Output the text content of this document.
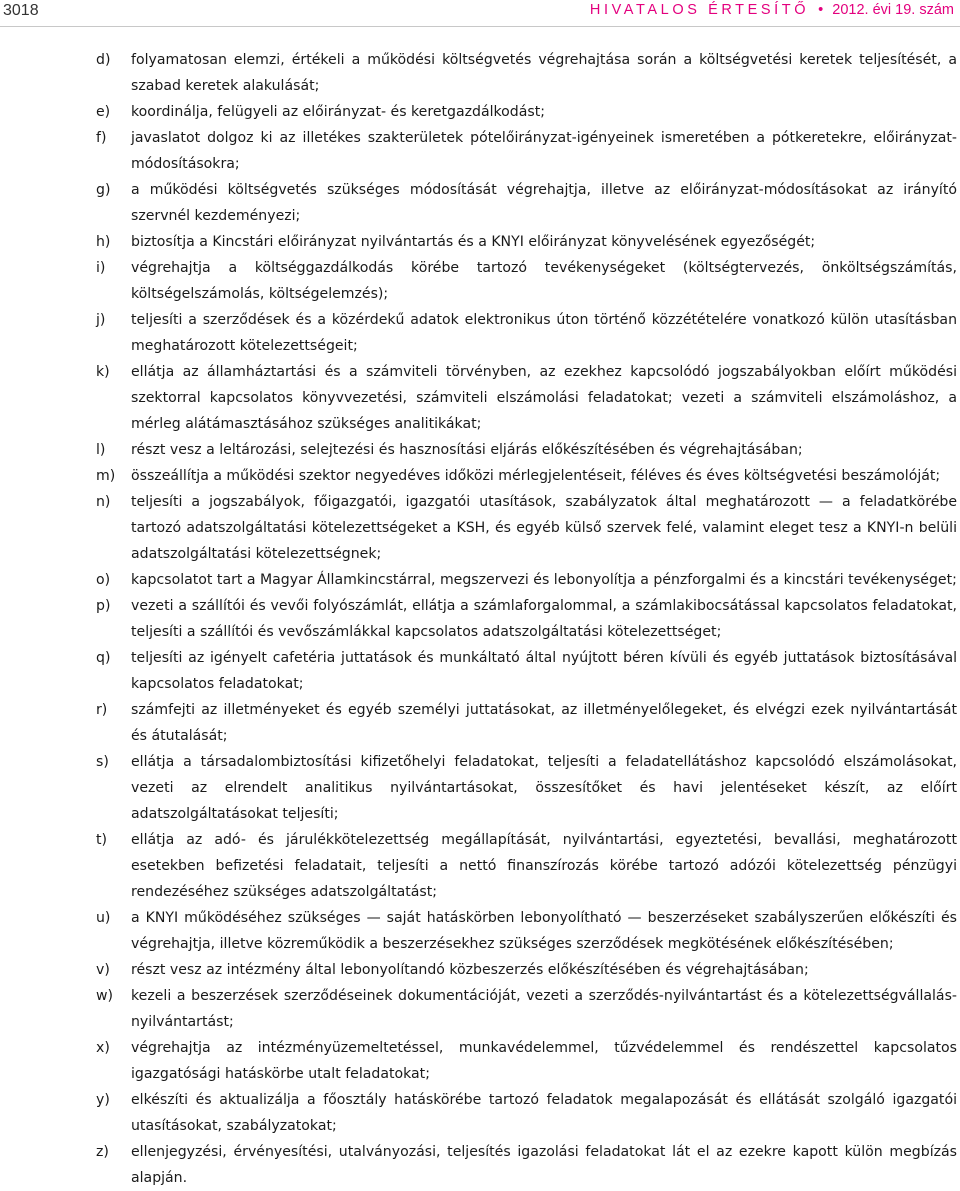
3018	HIVATALOS ÉRTESÍTŐ • 2012. évi 19. szám
d) folyamatosan elemzi, értékeli a működési költségvetés végrehajtása során a költségvetési keretek teljesítését, a szabad keretek alakulását;
e) koordinálja, felügyeli az előirányzat- és keretgazdálkodást;
f) javaslatot dolgoz ki az illetékes szakterületek pótelőirányzat-igényeinek ismeretében a pótkeretekre, előirányzat-módosításokra;
g) a működési költségvetés szükséges módosítását végrehajtja, illetve az előirányzat-módosításokat az irányító szervnél kezdeményezi;
h) biztosítja a Kincstári előirányzat nyilvántartás és a KNYI előirányzat könyvelésének egyezőségét;
i) végrehajtja a költséggazdálkodás körébe tartozó tevékenységeket (költségtervezés, önköltségszámítás, költségelszámolás, költségelemzés);
j) teljesíti a szerződések és a közérdekű adatok elektronikus úton történő közzétételére vonatkozó külön utasításban meghatározott kötelezettségeit;
k) ellátja az államháztartási és a számviteli törvényben, az ezekhez kapcsolódó jogszabályokban előírt működési szektorral kapcsolatos könyvvezetési, számviteli elszámolási feladatokat; vezeti a számviteli elszámoláshoz, a mérleg alátámasztásához szükséges analitikákat;
l) részt vesz a leltározási, selejtezési és hasznosítási eljárás előkészítésében és végrehajtásában;
m) összeállítja a működési szektor negyedéves időközi mérlegjelentéseit, féléves és éves költségvetési beszámolóját;
n) teljesíti a jogszabályok, főigazgatói, igazgatói utasítások, szabályzatok által meghatározott — a feladatkörébe tartozó adatszolgáltatási kötelezettségeket a KSH, és egyéb külső szervek felé, valamint eleget tesz a KNYI-n belüli adatszolgáltatási kötelezettségnek;
o) kapcsolatot tart a Magyar Államkincstárral, megszervezi és lebonyolítja a pénzforgalmi és a kincstári tevékenységet;
p) vezeti a szállítói és vevői folyószámlát, ellátja a számlaforgalommal, a számlakibocsátással kapcsolatos feladatokat, teljesíti a szállítói és vevőszámlákkal kapcsolatos adatszolgáltatási kötelezettséget;
q) teljesíti az igényelt cafetéria juttatások és munkáltató által nyújtott béren kívüli és egyéb juttatások biztosításával kapcsolatos feladatokat;
r) számfejti az illetményeket és egyéb személyi juttatásokat, az illetményelőlegeket, és elvégzi ezek nyilvántartását és átutalását;
s) ellátja a társadalombiztosítási kifizetőhelyi feladatokat, teljesíti a feladatellátáshoz kapcsolódó elszámolásokat, vezeti az elrendelt analitikus nyilvántartásokat, összesítőket és havi jelentéseket készít, az előírt adatszolgáltatásokat teljesíti;
t) ellátja az adó- és járulékkötelezettség megállapítását, nyilvántartási, egyeztetési, bevallási, meghatározott esetekben befizetési feladatait, teljesíti a nettó finanszírozás körébe tartozó adózói kötelezettség pénzügyi rendezéséhez szükséges adatszolgáltatást;
u) a KNYI működéséhez szükséges — saját hatáskörben lebonyolítható — beszerzéseket szabályszerűen előkészíti és végrehajtja, illetve közreműködik a beszerzésekhez szükséges szerződések megkötésének előkészítésében;
v) részt vesz az intézmény által lebonyolítandó közbeszerzés előkészítésében és végrehajtásában;
w) kezeli a beszerzések szerződéseinek dokumentációját, vezeti a szerződés-nyilvántartást és a kötelezettségvállalás-nyilvántartást;
x) végrehajtja az intézményüzemeltetéssel, munkavédelemmel, tűzvédelemmel és rendészettel kapcsolatos igazgatósági hatáskörbe utalt feladatokat;
y) elkészíti és aktualizálja a főosztály hatáskörébe tartozó feladatok megalapozását és ellátását szolgáló igazgatói utasításokat, szabályzatokat;
z) ellenjegyzési, érvényesítési, utalványozási, teljesítés igazolási feladatokat lát el az ezekre kapott külön megbízás alapján.
